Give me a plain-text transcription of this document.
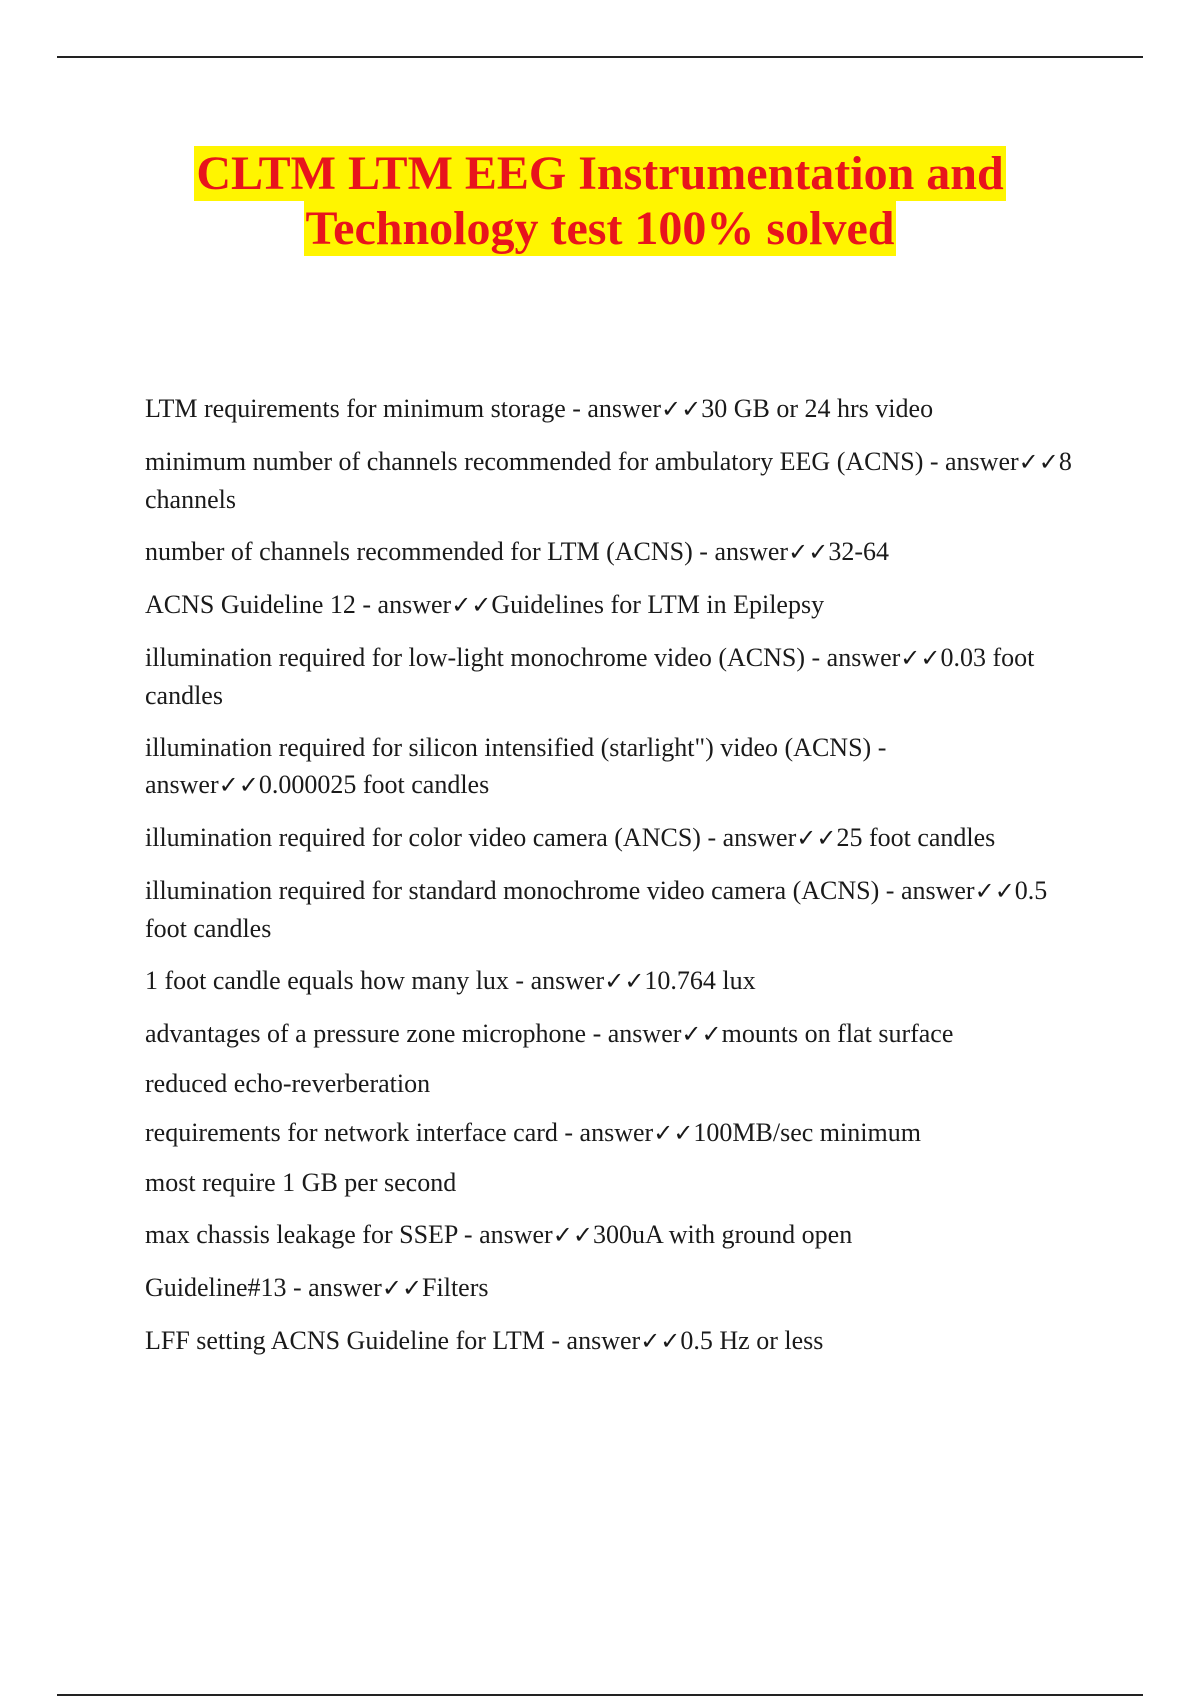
CLTM LTM EEG Instrumentation and
Technology test 100% solved

LTM requirements for minimum storage - answer✓✓30 GB or 24 hrs video

minimum number of channels recommended for ambulatory EEG (ACNS) - answer✓✓8 channels

number of channels recommended for LTM (ACNS) - answer✓✓32-64

ACNS Guideline 12 - answer✓✓Guidelines for LTM in Epilepsy

illumination required for low-light monochrome video (ACNS) - answer✓✓0.03 foot candles

illumination required for silicon intensified (starlight") video (ACNS) - answer✓✓0.000025 foot candles

illumination required for color video camera (ANCS) - answer✓✓25 foot candles

illumination required for standard monochrome video camera (ACNS) - answer✓✓0.5 foot candles

1 foot candle equals how many lux - answer✓✓10.764 lux

advantages of a pressure zone microphone - answer✓✓mounts on flat surface

reduced echo-reverberation

requirements for network interface card - answer✓✓100MB/sec minimum

most require 1 GB per second

max chassis leakage for SSEP - answer✓✓300uA with ground open

Guideline#13 - answer✓✓Filters

LFF setting ACNS Guideline for LTM - answer✓✓0.5 Hz or less
